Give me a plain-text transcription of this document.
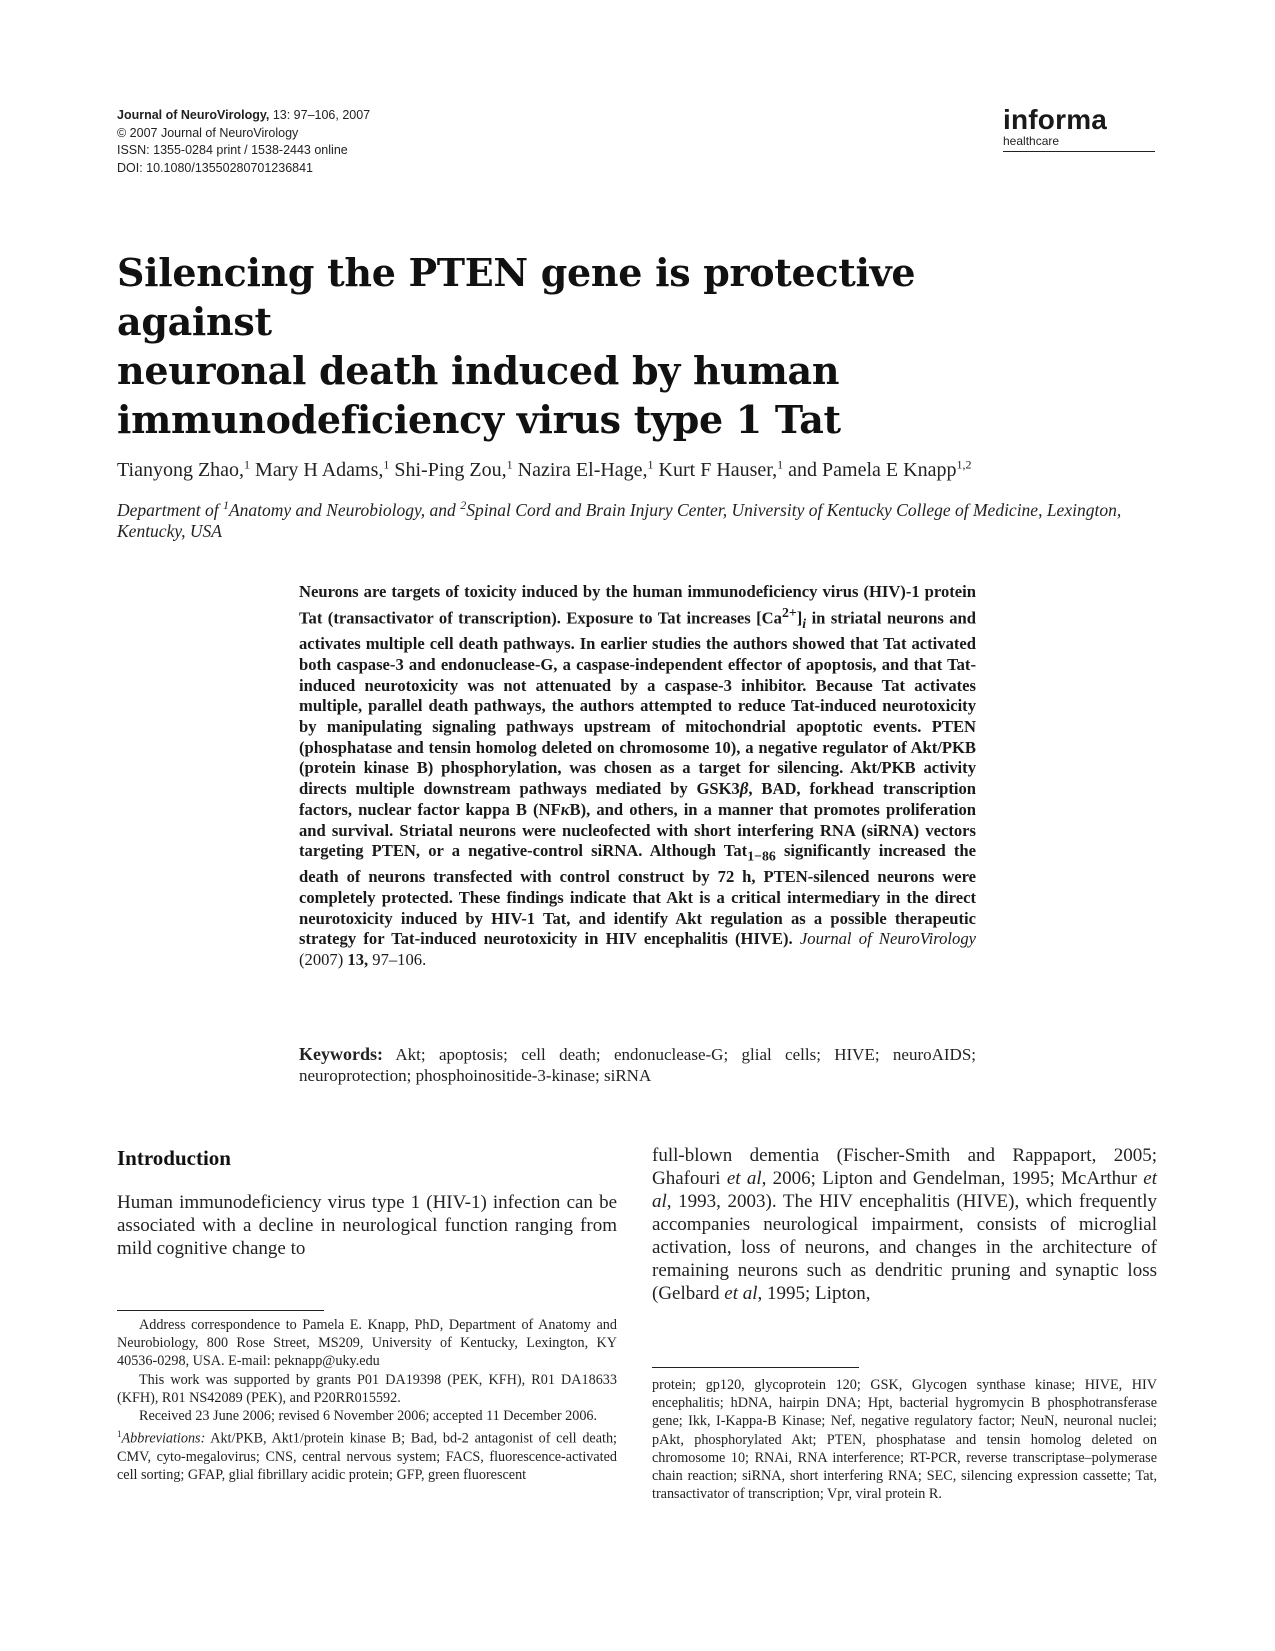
Journal of NeuroVirology, 13: 97–106, 2007
© 2007 Journal of NeuroVirology
ISSN: 1355-0284 print / 1538-2443 online
DOI: 10.1080/13550280701236841
informa
healthcare
Silencing the PTEN gene is protective against
neuronal death induced by human
immunodeficiency virus type 1 Tat
Tianyong Zhao,$^1$ Mary H Adams,$^1$ Shi-Ping Zou,$^1$ Nazira El-Hage,$^1$ Kurt F Hauser,$^1$ and Pamela E Knapp$^{1,2}$
Department of $^1$Anatomy and Neurobiology, and $^2$Spinal Cord and Brain Injury Center, University of Kentucky College of Medicine, Lexington, Kentucky, USA
Neurons are targets of toxicity induced by the human immunodeficiency virus (HIV)-1 protein Tat (transactivator of transcription). Exposure to Tat increases $[Ca^{2+}]_i$ in striatal neurons and activates multiple cell death pathways. In earlier studies the authors showed that Tat activated both caspase-3 and endonuclease-G, a caspase-independent effector of apoptosis, and that Tat-induced neurotoxicity was not attenuated by a caspase-3 inhibitor. Because Tat activates multiple, parallel death pathways, the authors attempted to reduce Tat-induced neurotoxicity by manipulating signaling pathways upstream of mitochondrial apoptotic events. PTEN (phosphatase and tensin homolog deleted on chromosome 10), a negative regulator of Akt/PKB (protein kinase B) phosphorylation, was chosen as a target for silencing. Akt/PKB activity directs multiple downstream pathways mediated by GSK3β, BAD, forkhead transcription factors, nuclear factor kappa B (NFκB), and others, in a manner that promotes proliferation and survival. Striatal neurons were nucleofected with short interfering RNA (siRNA) vectors targeting PTEN, or a negative-control siRNA. Although Tat$_{1-86}$ significantly increased the death of neurons transfected with control construct by 72 h, PTEN-silenced neurons were completely protected. These findings indicate that Akt is a critical intermediary in the direct neurotoxicity induced by HIV-1 Tat, and identify Akt regulation as a possible therapeutic strategy for Tat-induced neurotoxicity in HIV encephalitis (HIVE). Journal of NeuroVirology (2007) 13, 97–106.
Keywords: Akt; apoptosis; cell death; endonuclease-G; glial cells; HIVE; neuroAIDS; neuroprotection; phosphoinositide-3-kinase; siRNA
Introduction
Human immunodeficiency virus type 1 (HIV-1) infection can be associated with a decline in neurological function ranging from mild cognitive change to
full-blown dementia (Fischer-Smith and Rappaport, 2005; Ghafouri et al, 2006; Lipton and Gendelman, 1995; McArthur et al, 1993, 2003). The HIV encephalitis (HIVE), which frequently accompanies neurological impairment, consists of microglial activation, loss of neurons, and changes in the architecture of remaining neurons such as dendritic pruning and synaptic loss (Gelbard et al, 1995; Lipton,

Address correspondence to Pamela E. Knapp, PhD, Department of Anatomy and Neurobiology, 800 Rose Street, MS209, University of Kentucky, Lexington, KY 40536-0298, USA. E-mail: peknapp@uky.edu

This work was supported by grants P01 DA19398 (PEK, KFH), R01 DA18633 (KFH), R01 NS42089 (PEK), and P20RR015592.

Received 23 June 2006; revised 6 November 2006; accepted 11 December 2006.

$^1$Abbreviations: Akt/PKB, Akt1/protein kinase B; Bad, bd-2 antagonist of cell death; CMV, cyto-megalovirus; CNS, central nervous system; FACS, fluorescence-activated cell sorting; GFAP, glial fibrillary acidic protein; GFP, green fluorescent

protein; gp120, glycoprotein 120; GSK, Glycogen synthase kinase; HIVE, HIV encephalitis; hDNA, hairpin DNA; Hpt, bacterial hygromycin B phosphotransferase gene; Ikk, I-Kappa-B Kinase; Nef, negative regulatory factor; NeuN, neuronal nuclei; pAkt, phosphorylated Akt; PTEN, phosphatase and tensin homolog deleted on chromosome 10; RNAi, RNA interference; RT-PCR, reverse transcriptase–polymerase chain reaction; siRNA, short interfering RNA; SEC, silencing expression cassette; Tat, transactivator of transcription; Vpr, viral protein R.
